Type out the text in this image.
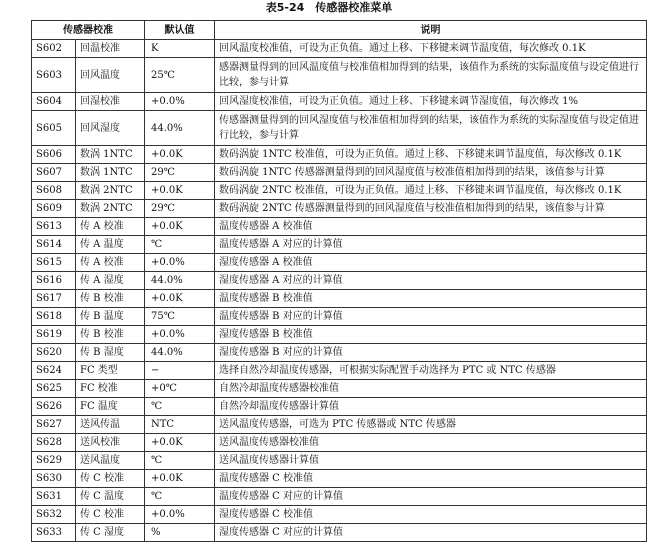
表5-24　传感器校准菜单
传感器校准		默认值	说明
S602	回温校准	K	回风温度校准值，可设为正负值。通过上移、下移键来调节温度值，每次修改 0.1K
S603	回风温度	25℃	感器测量得到的回风温度值与校准值相加得到的结果，该值作为系统的实际温度值与设定值进行比较，参与计算
S604	回湿校准	+0.0%	回风湿度校准值，可设为正负值。通过上移、下移键来调节湿度值，每次修改 1%
S605	回风湿度	44.0%	传感器测量得到的回风湿度值与校准值相加得到的结果，该值作为系统的实际湿度值与设定值进行比较，参与计算
S606	数涡 1NTC	+0.0K	数码涡旋 1NTC 校准值，可设为正负值。通过上移、下移键来调节温度值，每次修改 0.1K
S607	数涡 1NTC	29℃	数码涡旋 1NTC 传感器测量得到的回风湿度值与校准值相加得到的结果，该值参与计算
S608	数涡 2NTC	+0.0K	数码涡旋 2NTC 校准值，可设为正负值。通过上移、下移键来调节温度值，每次修改 0.1K
S609	数涡 2NTC	29℃	数码涡旋 2NTC 传感器测量得到的回风湿度值与校准值相加得到的结果，该值参与计算
S613	传 A 校准	+0.0K	温度传感器 A 校准值
S614	传 A 温度	℃	温度传感器 A 对应的计算值
S615	传 A 校准	+0.0%	湿度传感器 A 校准值
S616	传 A 湿度	44.0%	湿度传感器 A 对应的计算值
S617	传 B 校准	+0.0K	温度传感器 B 校准值
S618	传 B 温度	75℃	温度传感器 B 对应的计算值
S619	传 B 校准	+0.0%	湿度传感器 B 校准值
S620	传 B 湿度	44.0%	湿度传感器 B 对应的计算值
S624	FC 类型	−	选择自然冷却温度传感器，可根据实际配置手动选择为 PTC 或 NTC 传感器
S625	FC 校准	+0℃	自然冷却温度传感器校准值
S626	FC 温度	℃	自然冷却温度传感器计算值
S627	送风传温	NTC	送风温度传感器，可选为 PTC 传感器或 NTC 传感器
S628	送风校准	+0.0K	送风温度传感器校准值
S629	送风温度	℃	送风温度传感器计算值
S630	传 C 校准	+0.0K	温度传感器 C 校准值
S631	传 C 温度	℃	温度传感器 C 对应的计算值
S632	传 C 校准	+0.0%	湿度传感器 C 校准值
S633	传 C 湿度	%	湿度传感器 C 对应的计算值
